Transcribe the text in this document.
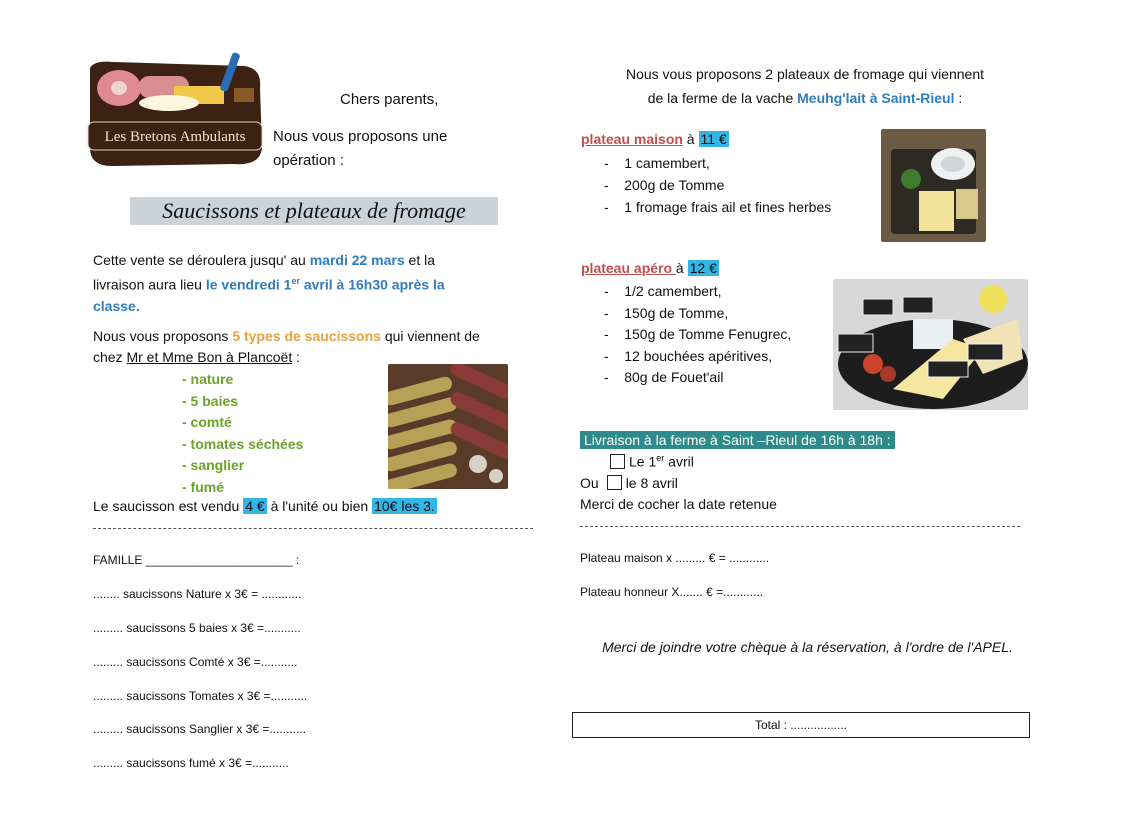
Les Bretons Ambulants
Chers parents,
Nous vous proposons une
opération :
Saucissons et plateaux de fromage
Cette vente se déroulera jusqu' au mardi 22 mars et la
livraison aura lieu le vendredi 1er avril à 16h30 après la
classe.
Nous vous proposons 5 types de saucissons qui viennent de
chez Mr et Mme Bon à Plancoët :
- nature
- 5 baies
- comté
- tomates séchées
- sanglier
- fumé
Le saucisson est vendu 4 € à l'unité ou bien 10€ les 3.
FAMILLE ______________________ :
........ saucissons Nature x 3€ = ............
......... saucissons 5 baies x 3€ =...........
......... saucissons Comté x 3€ =...........
......... saucissons Tomates x 3€ =...........
......... saucissons Sanglier x 3€ =...........
......... saucissons fumé x 3€ =...........
Nous vous proposons 2 plateaux de fromage qui viennent
de la ferme de la vache Meuhg'lait à Saint-Rieul :
plateau maison à 11 €
-    1 camembert,
-    200g de Tomme
-    1 fromage frais ail et fines herbes
plateau apéro à 12 €
-    1/2 camembert,
-    150g de Tomme,
-    150g de Tomme Fenugrec,
-    12 bouchées apéritives,
-    80g de Fouet'ail
Livraison à la ferme à Saint –Rieul de 16h à 18h :
Le 1er avril
Ou le 8 avril
Merci de cocher la date retenue
Plateau maison x ......... € = ............
Plateau honneur X....... € =............
Merci de joindre votre chèque à la réservation, à l'ordre de l'APEL.
Total : .................
